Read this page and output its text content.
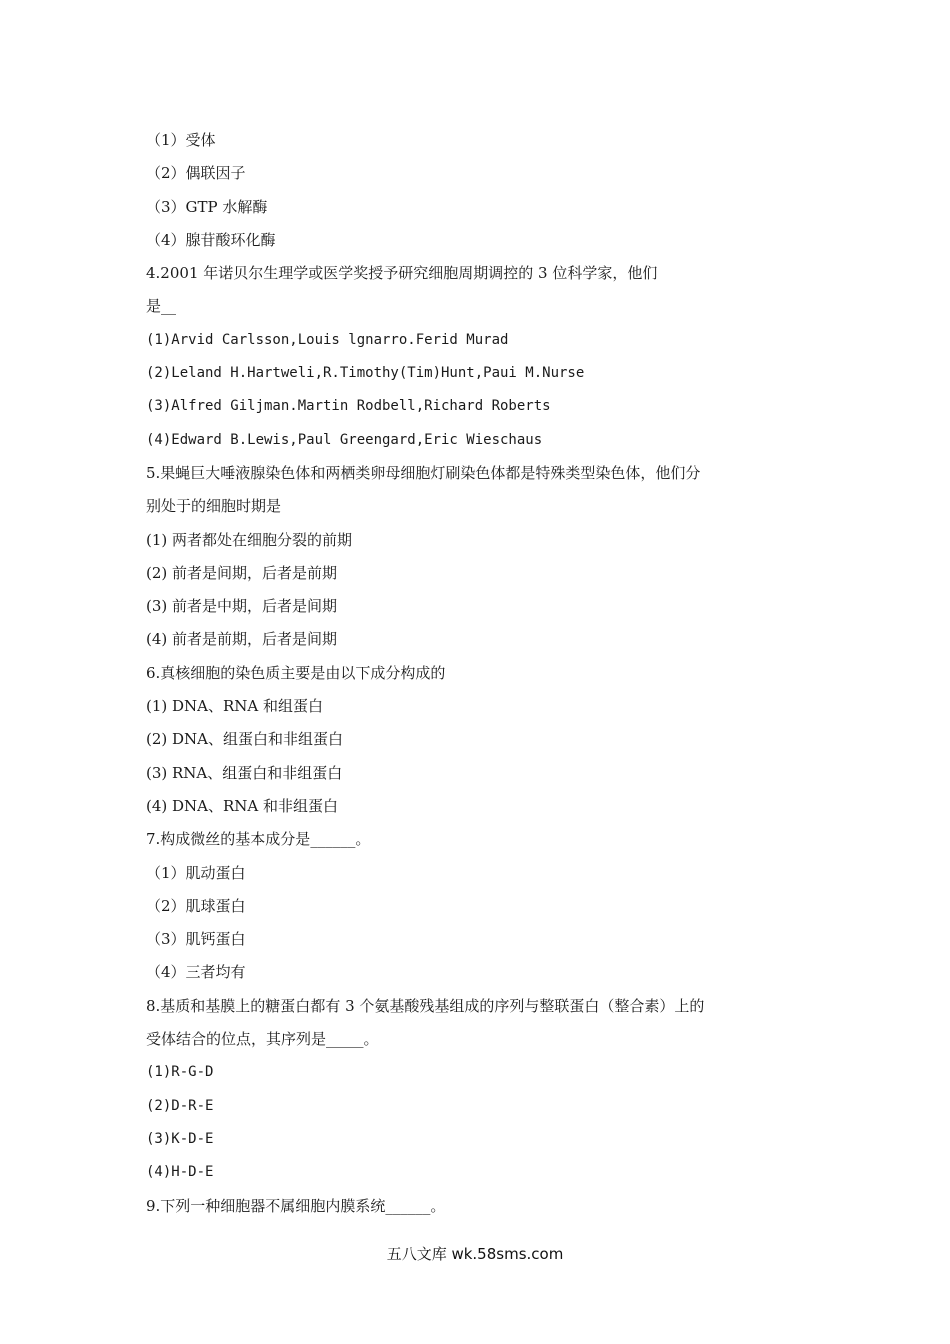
（1）受体
（2）偶联因子
（3）GTP 水解酶
（4）腺苷酸环化酶
4.2001 年诺贝尔生理学或医学奖授予研究细胞周期调控的 3 位科学家，他们
是__
(1)Arvid Carlsson,Louis lgnarro.Ferid Murad
(2)Leland H.Hartweli,R.Timothy(Tim)Hunt,Paui M.Nurse
(3)Alfred Giljman.Martin Rodbell,Richard Roberts
(4)Edward B.Lewis,Paul Greengard,Eric Wieschaus
5.果蝇巨大唾液腺染色体和两栖类卵母细胞灯刷染色体都是特殊类型染色体，他们分
别处于的细胞时期是
(1) 两者都处在细胞分裂的前期
(2) 前者是间期，后者是前期
(3) 前者是中期，后者是间期
(4) 前者是前期，后者是间期
6.真核细胞的染色质主要是由以下成分构成的
(1) DNA、RNA 和组蛋白
(2) DNA、组蛋白和非组蛋白
(3) RNA、组蛋白和非组蛋白
(4) DNA、RNA 和非组蛋白
7.构成微丝的基本成分是______。
（1）肌动蛋白
（2）肌球蛋白
（3）肌钙蛋白
（4）三者均有
8.基质和基膜上的糖蛋白都有 3 个氨基酸残基组成的序列与整联蛋白（整合素）上的
受体结合的位点，其序列是_____。
(1)R-G-D
(2)D-R-E
(3)K-D-E
(4)H-D-E
9.下列一种细胞器不属细胞内膜系统______。
五八文库 wk.58sms.com
